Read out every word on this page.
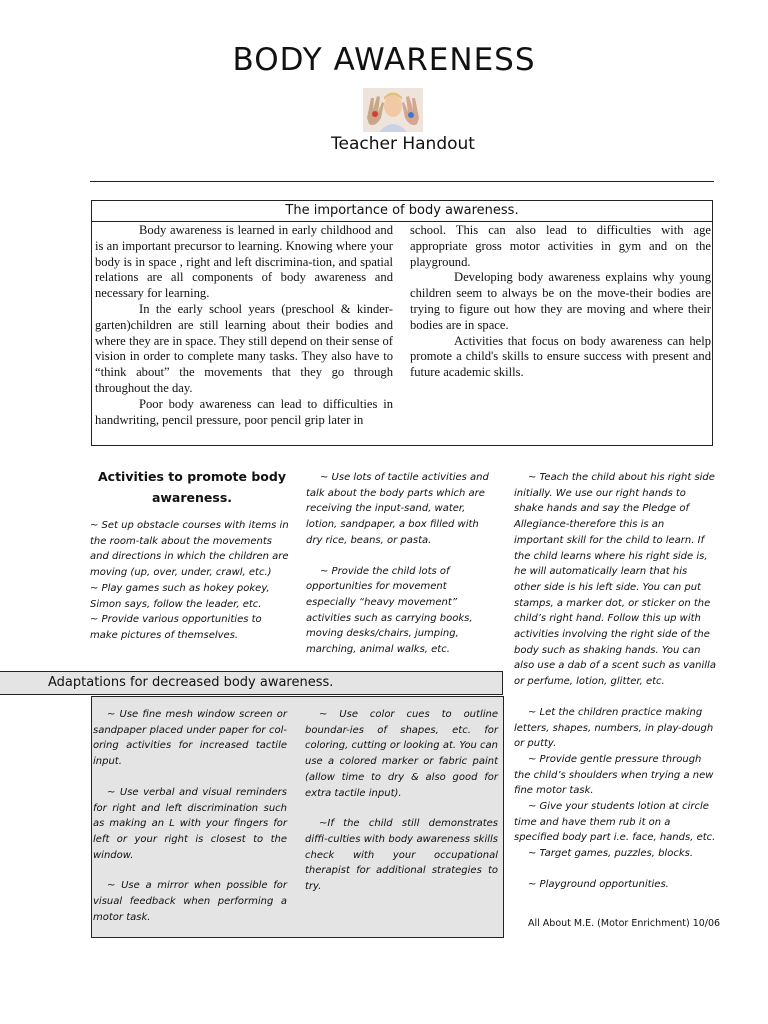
BODY AWARENESS
Teacher Handout
The importance of body awareness.

Body awareness is learned in early childhood and is an important precursor to learning. Knowing where your body is in space , right and left discrimina-tion, and spatial relations are all components of body awareness and necessary for learning.

In the early school years (preschool & kinder-garten)children are still learning about their bodies and where they are in space. They still depend on their sense of vision in order to complete many tasks. They also have to “think about” the movements that they go through throughout the day.

Poor body awareness can lead to difficulties in handwriting, pencil pressure, poor pencil grip later in

school. This can also lead to difficulties with age appropriate gross motor activities in gym and on the playground.

Developing body awareness explains why young children seem to always be on the move-their bodies are trying to figure out how they are moving and where their bodies are in space.

Activities that focus on body awareness can help promote a child's skills to ensure success with present and future academic skills.

Activities to promote body awareness.

~ Set up obstacle courses with items in the room-talk about the movements and directions in which the children are moving (up, over, under, crawl, etc.)

~ Play games such as hokey pokey, Simon says, follow the leader, etc.

~ Provide various opportunities to make pictures of themselves.

~ Use lots of tactile activities and talk about the body parts which are receiving the input-sand, water, lotion, sandpaper, a box filled with dry rice, beans, or pasta.

~ Provide the child lots of opportunities for movement especially “heavy movement” activities such as carrying books, moving desks/chairs, jumping, marching, animal walks, etc.

~ Teach the child about his right side initially. We use our right hands to shake hands and say the Pledge of Allegiance-therefore this is an important skill for the child to learn. If the child learns where his right side is, he will automatically learn that his other side is his left side. You can put stamps, a marker dot, or sticker on the child’s right hand. Follow this up with activities involving the right side of the body such as shaking hands. You can also use a dab of a scent such as vanilla or perfume, lotion, glitter, etc.

~ Let the children practice making letters, shapes, numbers, in play-dough or putty.

~ Provide gentle pressure through the child’s shoulders when trying a new fine motor task.

~ Give your students lotion at circle time and have them rub it on a specified body part i.e. face, hands, etc.

~ Target games, puzzles, blocks.

~ Playground opportunities.

Adaptations for decreased body awareness.

~ Use fine mesh window screen or sandpaper placed under paper for col-oring activities for increased tactile input.

~ Use verbal and visual reminders for right and left discrimination such as making an L with your fingers for left or your right is closest to the window.

~ Use a mirror when possible for visual feedback when performing a motor task.

~ Use color cues to outline boundar-ies of shapes, etc. for coloring, cutting or looking at. You can use a colored marker or fabric paint (allow time to dry & also good for extra tactile input).

~If the child still demonstrates diffi-culties with body awareness skills check with your occupational therapist for additional strategies to try.

All About M.E. (Motor Enrichment) 10/06
